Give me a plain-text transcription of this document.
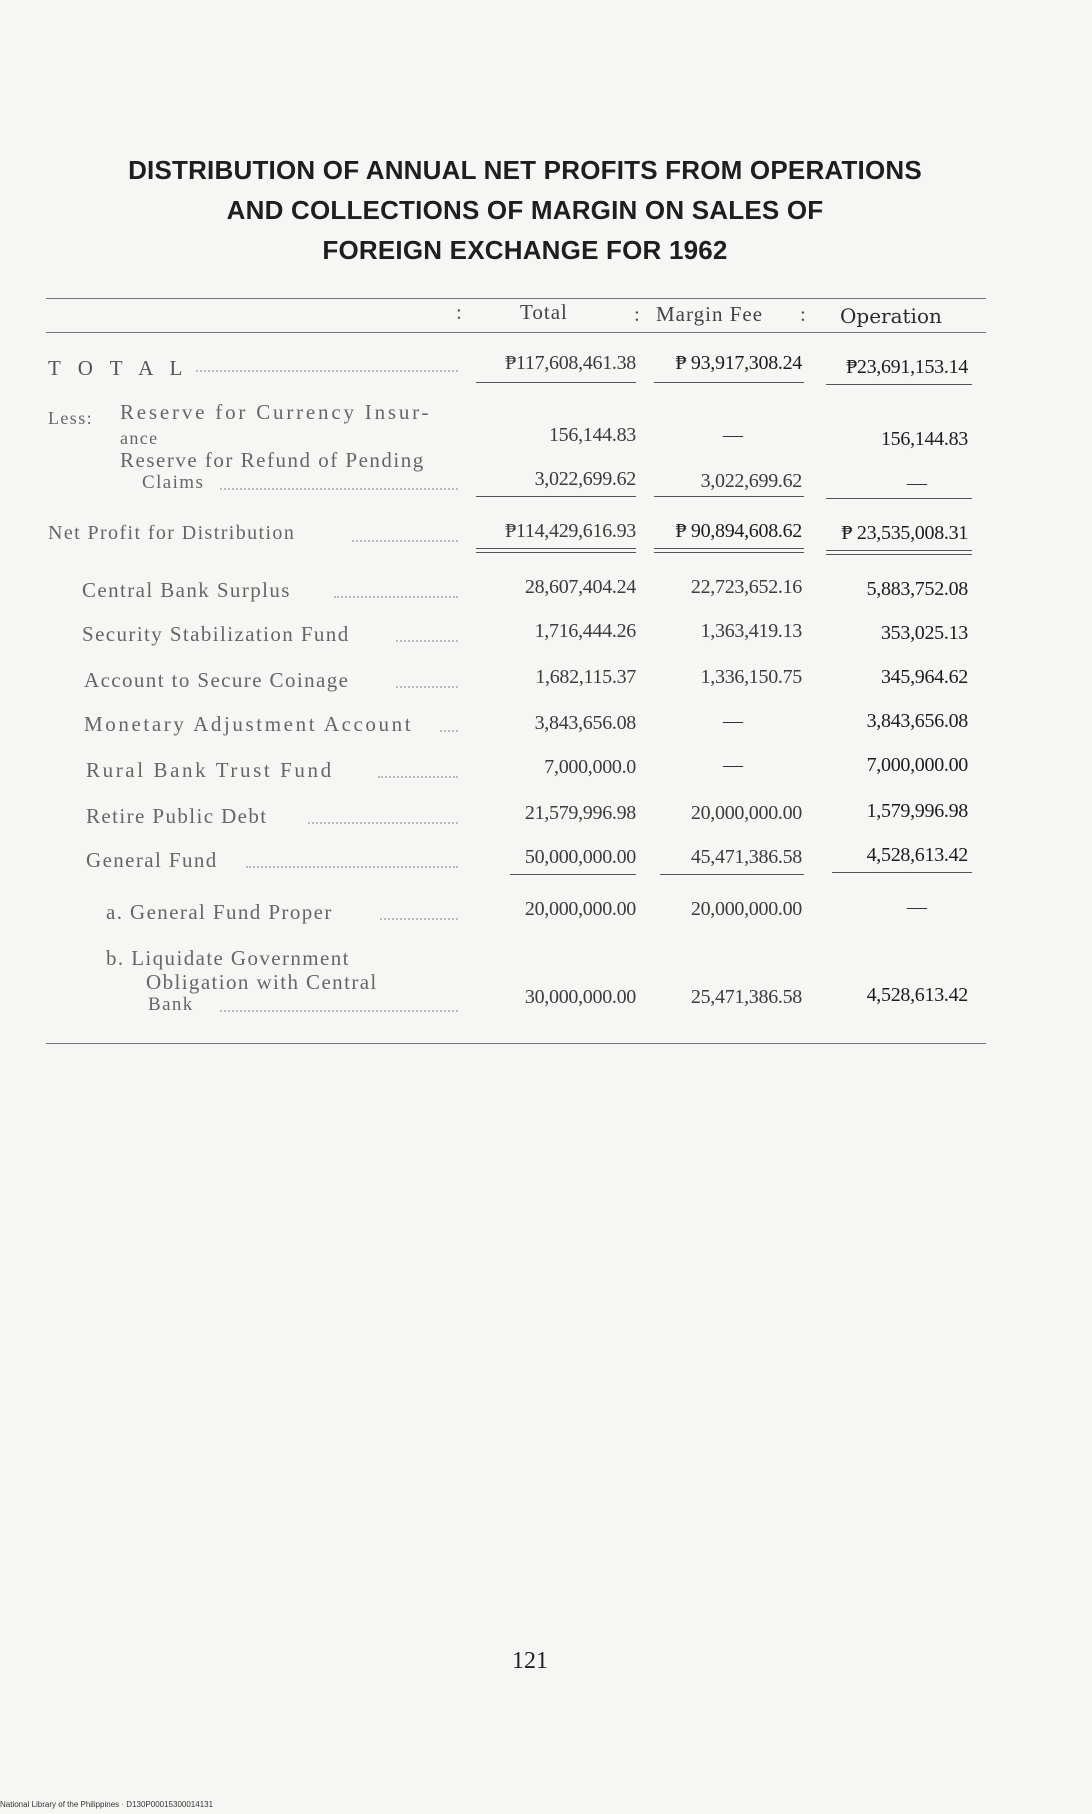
DISTRIBUTION OF ANNUAL NET PROFITS FROM OPERATIONS
AND COLLECTIONS OF MARGIN ON SALES OF
FOREIGN EXCHANGE FOR 1962
:	Total	: Margin Fee : Operation
T O T A L	₱117,608,461.38	₱ 93,917,308.24	₱23,691,153.14
Less: Reserve for Currency Insur-
ance	156,144.83	—	156,144.83
Reserve for Refund of Pending
Claims	3,022,699.62	3,022,699.62	—
Net Profit for Distribution	₱114,429,616.93	₱ 90,894,608.62	₱ 23,535,008.31
Central Bank Surplus	28,607,404.24	22,723,652.16	5,883,752.08
Security Stabilization Fund	1,716,444.26	1,363,419.13	353,025.13
Account to Secure Coinage	1,682,115.37	1,336,150.75	345,964.62
Monetary Adjustment Account	3,843,656.08	—	3,843,656.08
Rural Bank Trust Fund	7,000,000.0	—	7,000,000.00
Retire Public Debt	21,579,996.98	20,000,000.00	1,579,996.98
General Fund	50,000,000.00	45,471,386.58	4,528,613.42
a. General Fund Proper	20,000,000.00	20,000,000.00	—
b. Liquidate Government
Obligation with Central
Bank	30,000,000.00	25,471,386.58	4,528,613.42
121
National Library of the Philippines · D130P00015300014131
